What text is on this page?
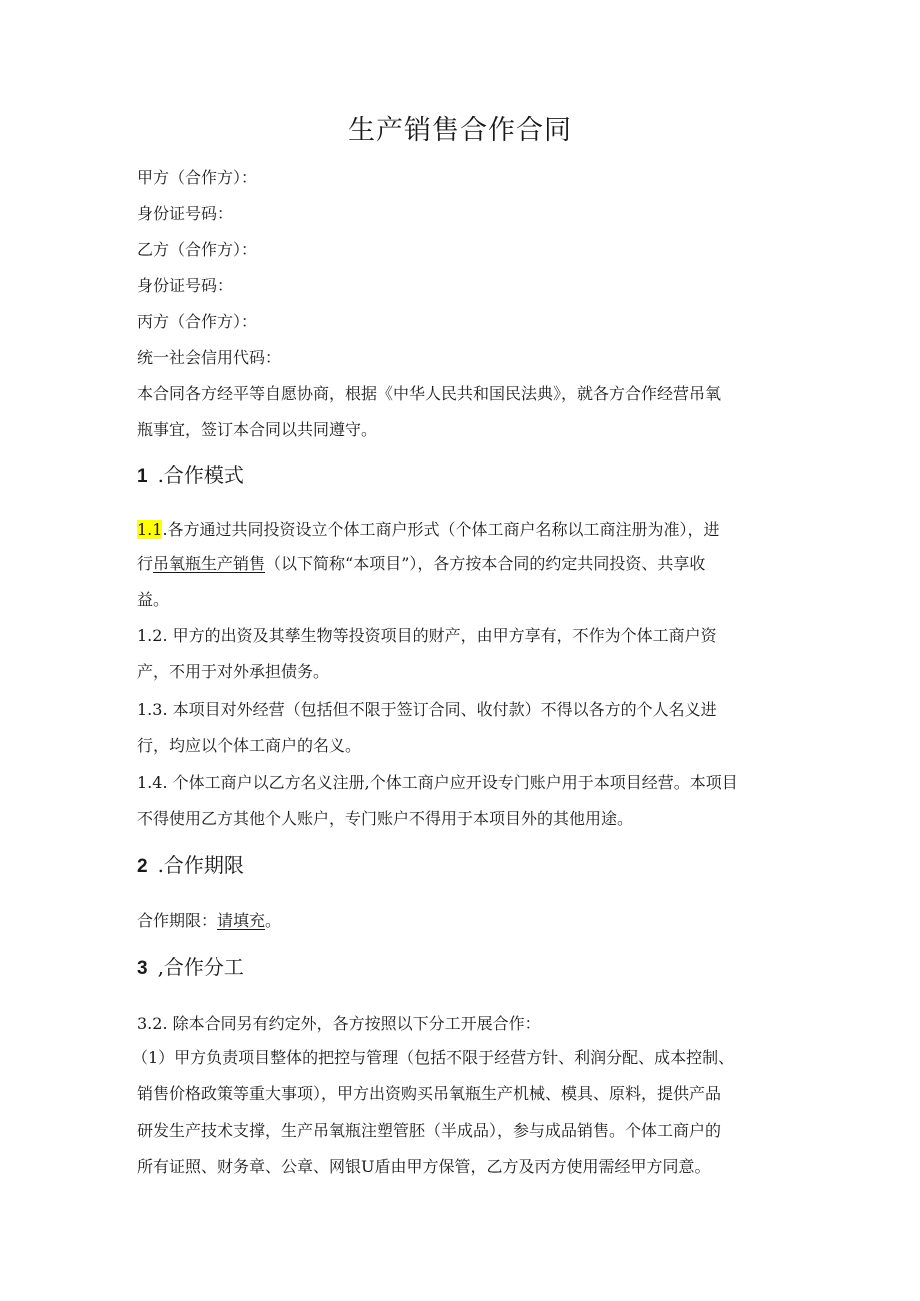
生产销售合作合同
甲方（合作方）：
身份证号码：
乙方（合作方）：
身份证号码：
丙方（合作方）：
统一社会信用代码：
本合同各方经平等自愿协商，根据《中华人民共和国民法典》，就各方合作经营吊氧
瓶事宜，签订本合同以共同遵守。
1 .合作模式
1.1.各方通过共同投资设立个体工商户形式（个体工商户名称以工商注册为准），进
行吊氧瓶生产销售（以下简称“本项目”），各方按本合同的约定共同投资、共享收
益。
1.2. 甲方的出资及其孳生物等投资项目的财产，由甲方享有，不作为个体工商户资
产，不用于对外承担债务。
1.3. 本项目对外经营（包括但不限于签订合同、收付款）不得以各方的个人名义进
行，均应以个体工商户的名义。
1.4. 个体工商户以乙方名义注册,个体工商户应开设专门账户用于本项目经营。本项目
不得使用乙方其他个人账户，专门账户不得用于本项目外的其他用途。
2 .合作期限
合作期限：请填充。
3 ,合作分工
3.2. 除本合同另有约定外，各方按照以下分工开展合作：
（1）甲方负责项目整体的把控与管理（包括不限于经营方针、利润分配、成本控制、
销售价格政策等重大事项），甲方出资购买吊氧瓶生产机械、模具、原料，提供产品
研发生产技术支撑，生产吊氧瓶注塑管胚（半成品），参与成品销售。个体工商户的
所有证照、财务章、公章、网银U盾由甲方保管，乙方及丙方使用需经甲方同意。
